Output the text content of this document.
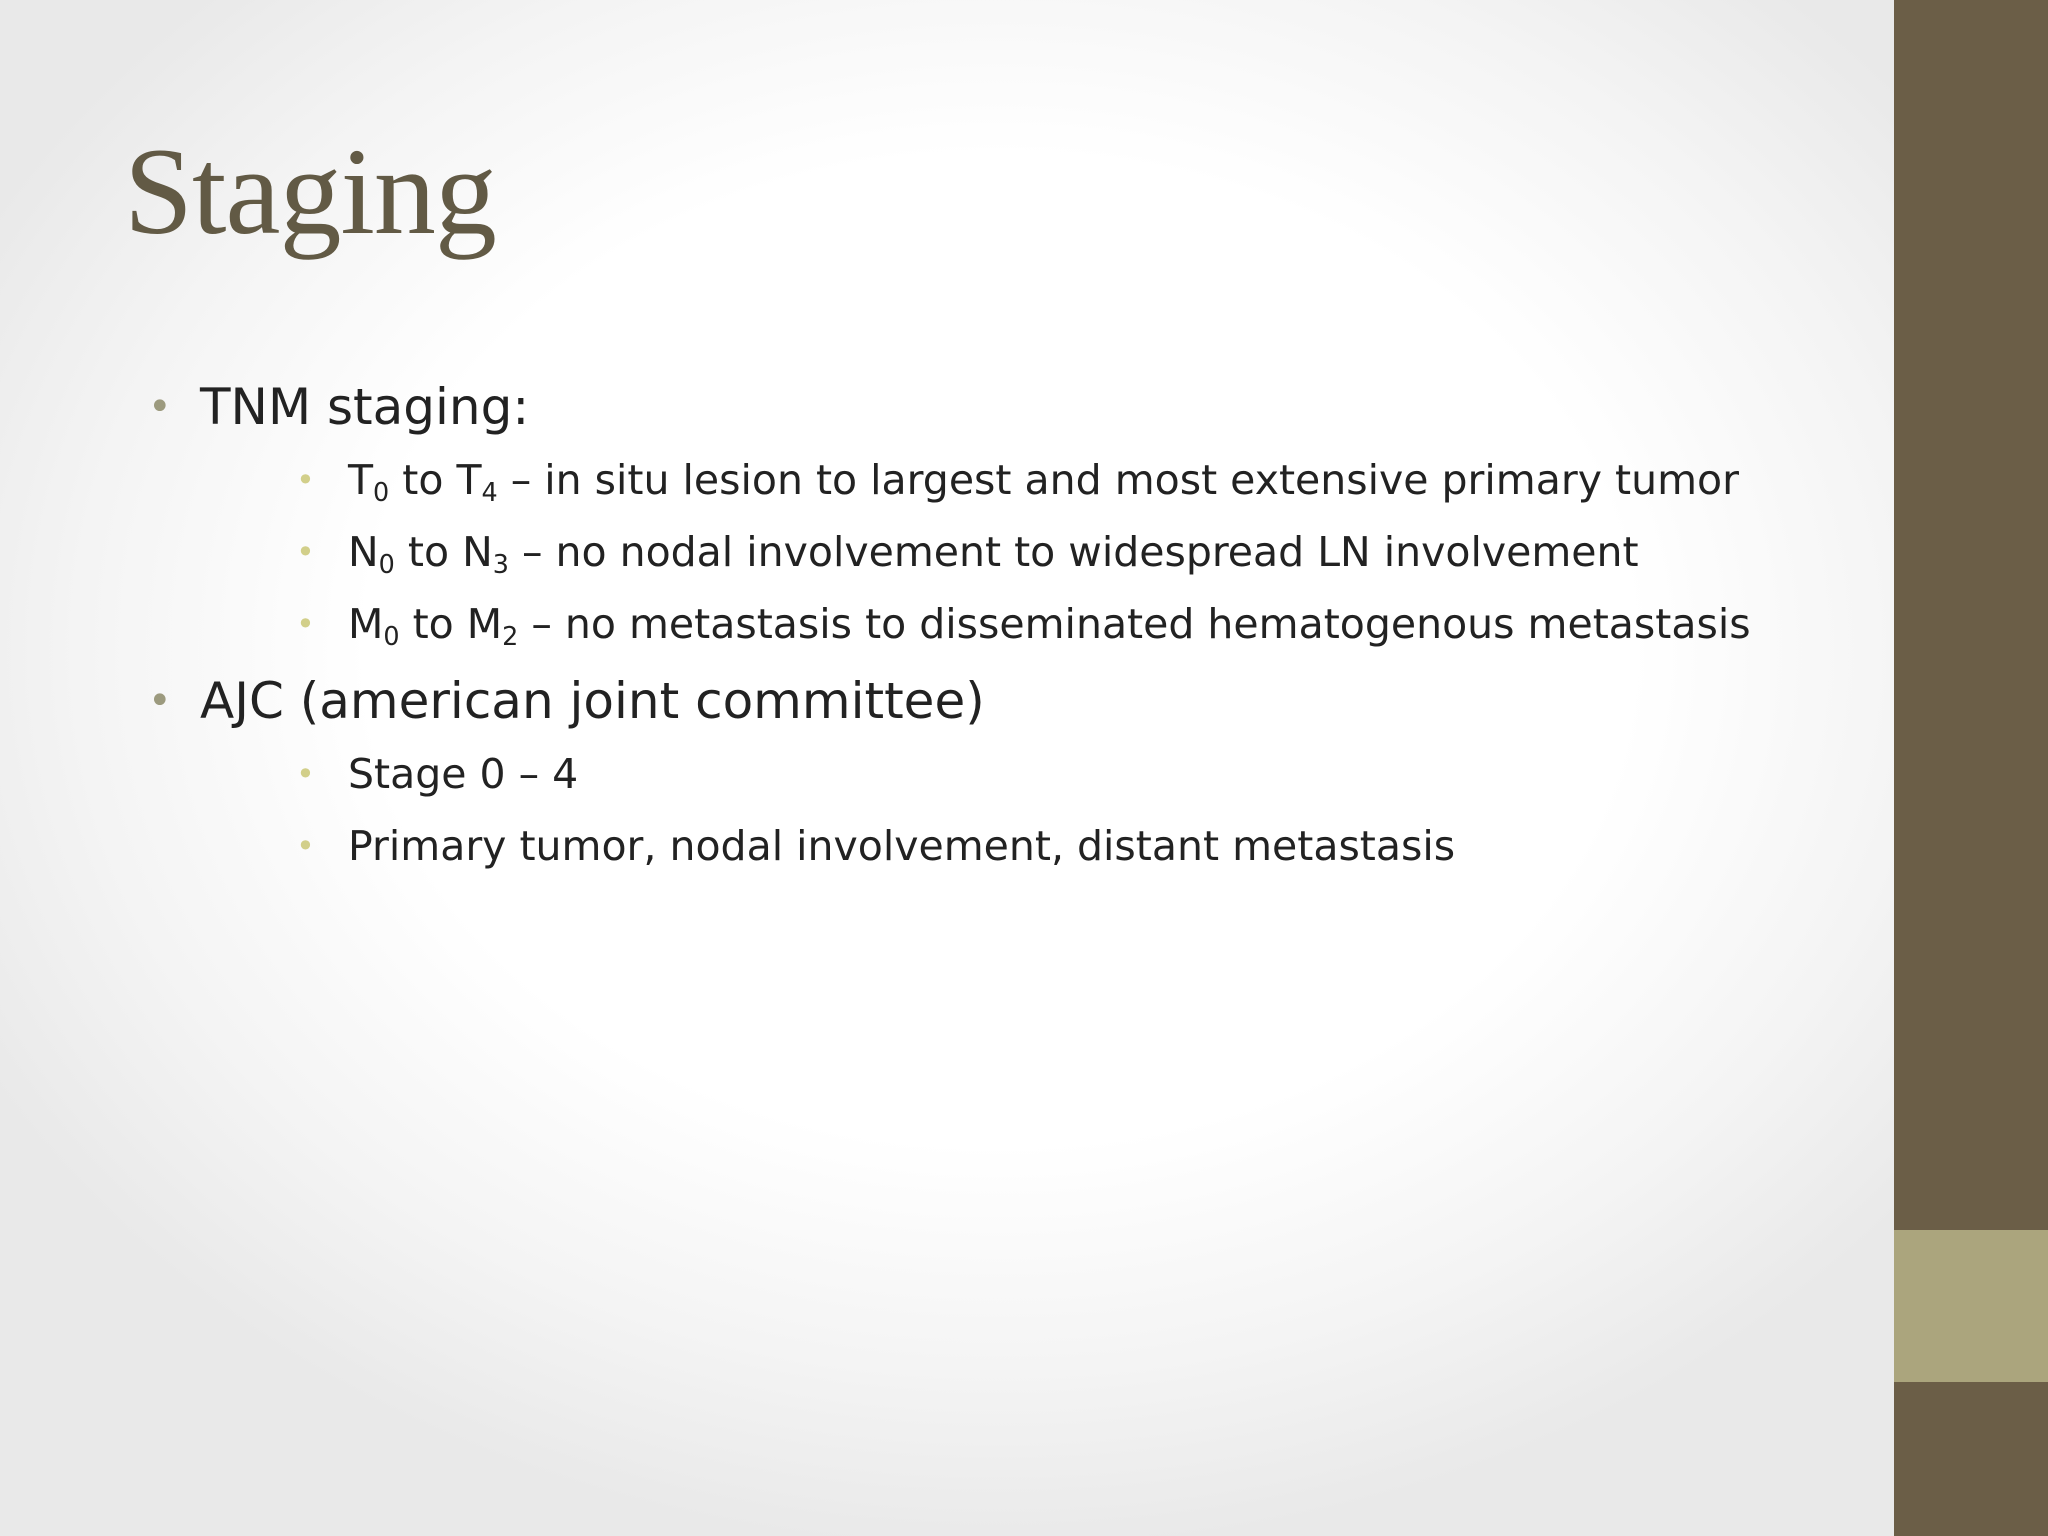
Staging
• TNM staging:
• $T_0$ to $T_4$ – in situ lesion to largest and most extensive primary tumor
• $N_0$ to $N_3$ – no nodal involvement to widespread LN involvement
• $M_0$ to $M_2$ – no metastasis to disseminated hematogenous metastasis
• AJC (american joint committee)
• Stage 0 – 4
• Primary tumor, nodal involvement, distant metastasis
